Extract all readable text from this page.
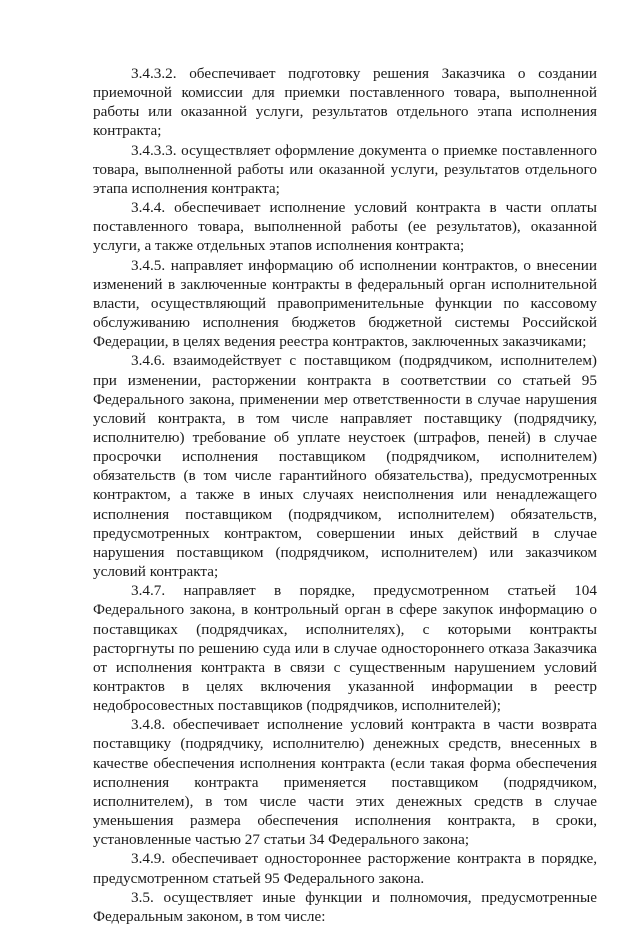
3.4.3.2. обеспечивает подготовку решения Заказчика о создании приемочной комиссии для приемки поставленного товара, выполненной работы или оказанной услуги, результатов отдельного этапа исполнения контракта;

3.4.3.3. осуществляет оформление документа о приемке поставленного товара, выполненной работы или оказанной услуги, результатов отдельного этапа исполнения контракта;

3.4.4. обеспечивает исполнение условий контракта в части оплаты поставленного товара, выполненной работы (ее результатов), оказанной услуги, а также отдельных этапов исполнения контракта;

3.4.5. направляет информацию об исполнении контрактов, о внесении изменений в заключенные контракты в федеральный орган исполнительной власти, осуществляющий правоприменительные функции по кассовому обслуживанию исполнения бюджетов бюджетной системы Российской Федерации, в целях ведения реестра контрактов, заключенных заказчиками;

3.4.6. взаимодействует с поставщиком (подрядчиком, исполнителем) при изменении, расторжении контракта в соответствии со статьей 95 Федерального закона, применении мер ответственности в случае нарушения условий контракта, в том числе направляет поставщику (подрядчику, исполнителю) требование об уплате неустоек (штрафов, пеней) в случае просрочки исполнения поставщиком (подрядчиком, исполнителем) обязательств (в том числе гарантийного обязательства), предусмотренных контрактом, а также в иных случаях неисполнения или ненадлежащего исполнения поставщиком (подрядчиком, исполнителем) обязательств, предусмотренных контрактом, совершении иных действий в случае нарушения поставщиком (подрядчиком, исполнителем) или заказчиком условий контракта;

3.4.7. направляет в порядке, предусмотренном статьей 104 Федерального закона, в контрольный орган в сфере закупок информацию о поставщиках (подрядчиках, исполнителях), с которыми контракты расторгнуты по решению суда или в случае одностороннего отказа Заказчика от исполнения контракта в связи с существенным нарушением условий контрактов в целях включения указанной информации в реестр недобросовестных поставщиков (подрядчиков, исполнителей);

3.4.8. обеспечивает исполнение условий контракта в части возврата поставщику (подрядчику, исполнителю) денежных средств, внесенных в качестве обеспечения исполнения контракта (если такая форма обеспечения исполнения контракта применяется поставщиком (подрядчиком, исполнителем), в том числе части этих денежных средств в случае уменьшения размера обеспечения исполнения контракта, в сроки, установленные частью 27 статьи 34 Федерального закона;

3.4.9. обеспечивает одностороннее расторжение контракта в порядке, предусмотренном статьей 95 Федерального закона.

3.5. осуществляет иные функции и полномочия, предусмотренные Федеральным законом, в том числе:
